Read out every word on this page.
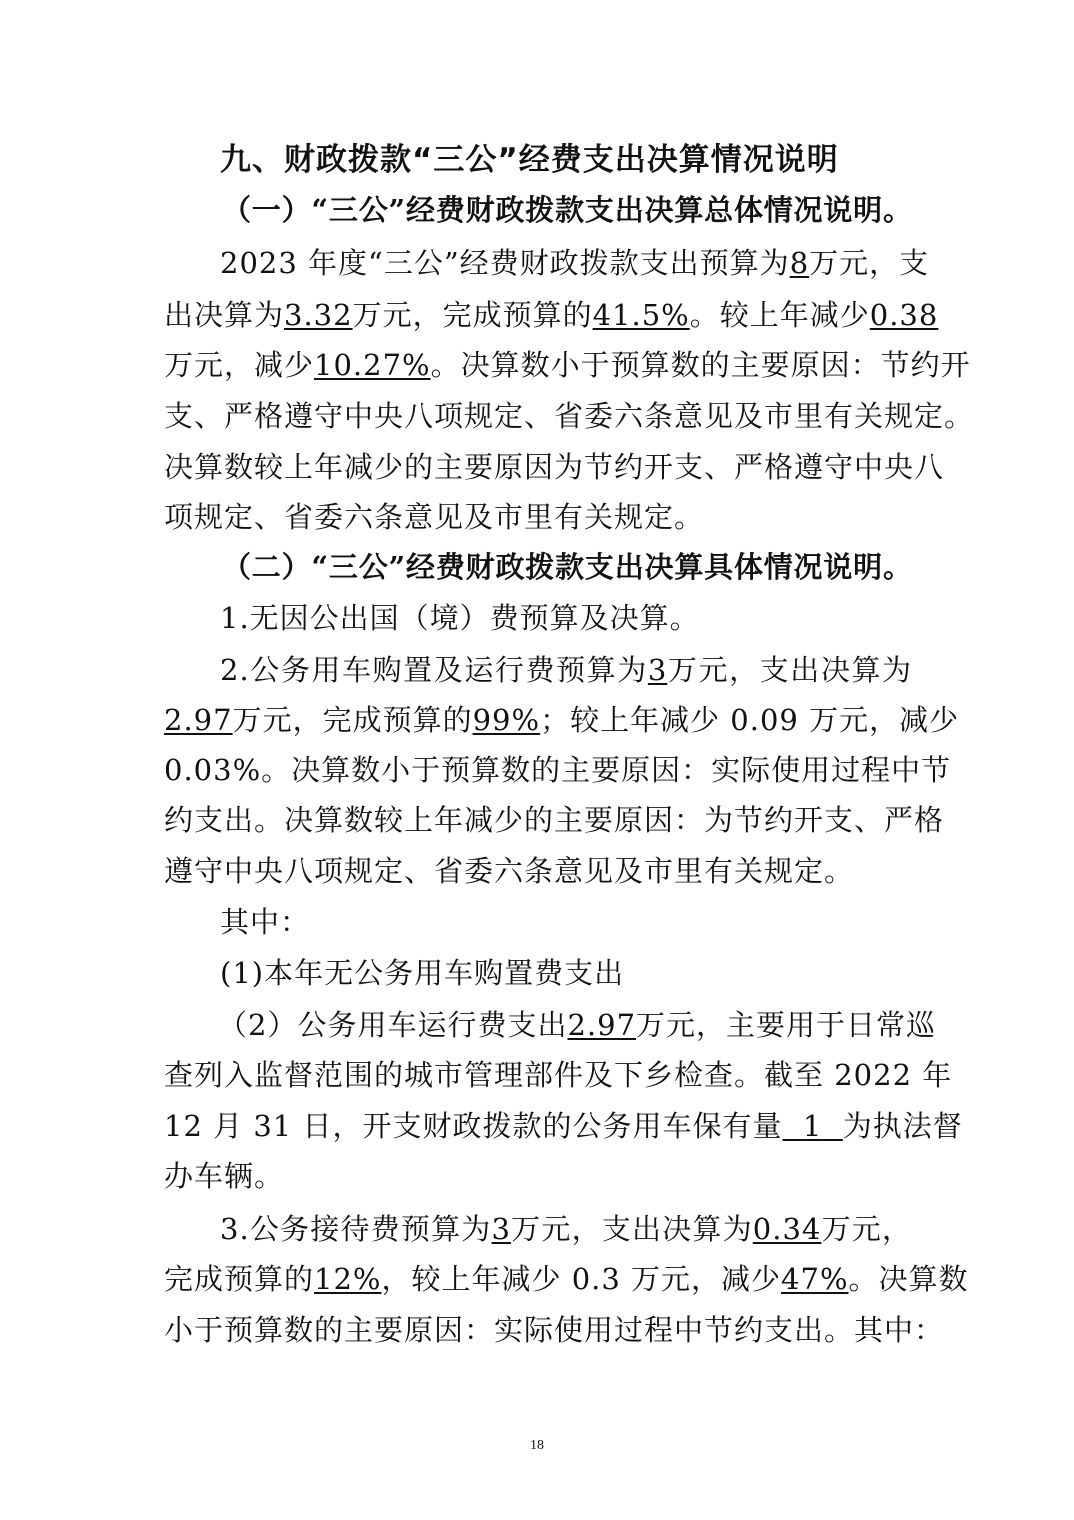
九、财政拨款“三公”经费支出决算情况说明
（一）“三公”经费财政拨款支出决算总体情况说明。
2023 年度“三公”经费财政拨款支出预算为8万元，支
出决算为3.32万元，完成预算的41.5%。较上年减少0.38
万元，减少10.27%。决算数小于预算数的主要原因：节约开
支、严格遵守中央八项规定、省委六条意见及市里有关规定。
决算数较上年减少的主要原因为节约开支、严格遵守中央八
项规定、省委六条意见及市里有关规定。
（二）“三公”经费财政拨款支出决算具体情况说明。
1.无因公出国（境）费预算及决算。
2.公务用车购置及运行费预算为3万元，支出决算为
2.97万元，完成预算的99%；较上年减少 0.09 万元，减少
0.03%。决算数小于预算数的主要原因：实际使用过程中节
约支出。决算数较上年减少的主要原因：为节约开支、严格
遵守中央八项规定、省委六条意见及市里有关规定。
其中：
(1)本年无公务用车购置费支出
（2）公务用车运行费支出2.97万元，主要用于日常巡
查列入监督范围的城市管理部件及下乡检查。截至 2022 年
12 月 31 日，开支财政拨款的公务用车保有量 1 为执法督
办车辆。
3.公务接待费预算为3万元，支出决算为0.34万元，
完成预算的12%，较上年减少 0.3 万元，减少47%。决算数
小于预算数的主要原因：实际使用过程中节约支出。其中：
18
